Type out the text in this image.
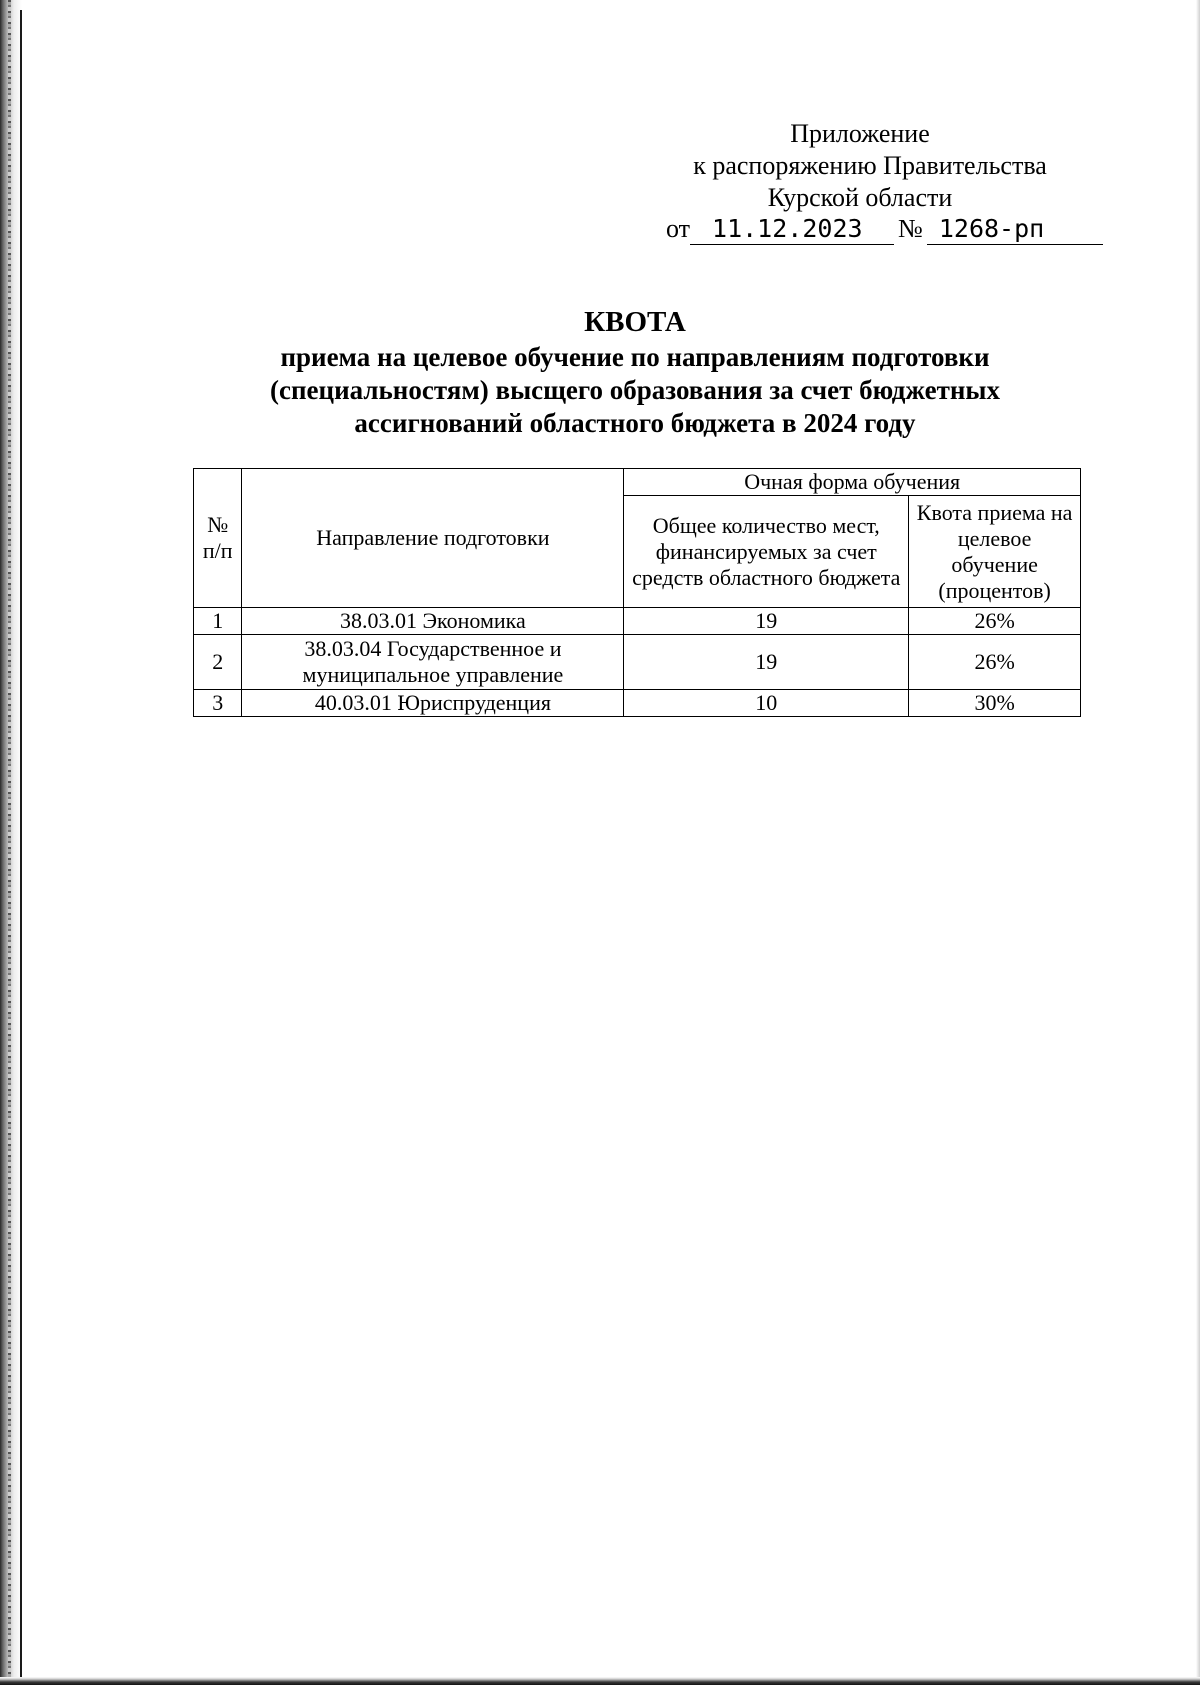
Приложение
к распоряжению Правительства
Курской области
от 11.12.2023	№ 1268-рп
КВОТА
приема на целевое обучение по направлениям подготовки
(специальностям) высщего образования за счет бюджетных
ассигнований областного бюджета в 2024 году
№ п/п	Направление подготовки	Очная форма обучения	
		Общее количество мест, финансируемых за счет средств областного бюджета	Квота приема на целевое обучение (процентов)
1	38.03.01 Экономика	19	26%
2	38.03.04 Государственное и муниципальное управление	19	26%
3	40.03.01 Юриспруденция	10	30%
